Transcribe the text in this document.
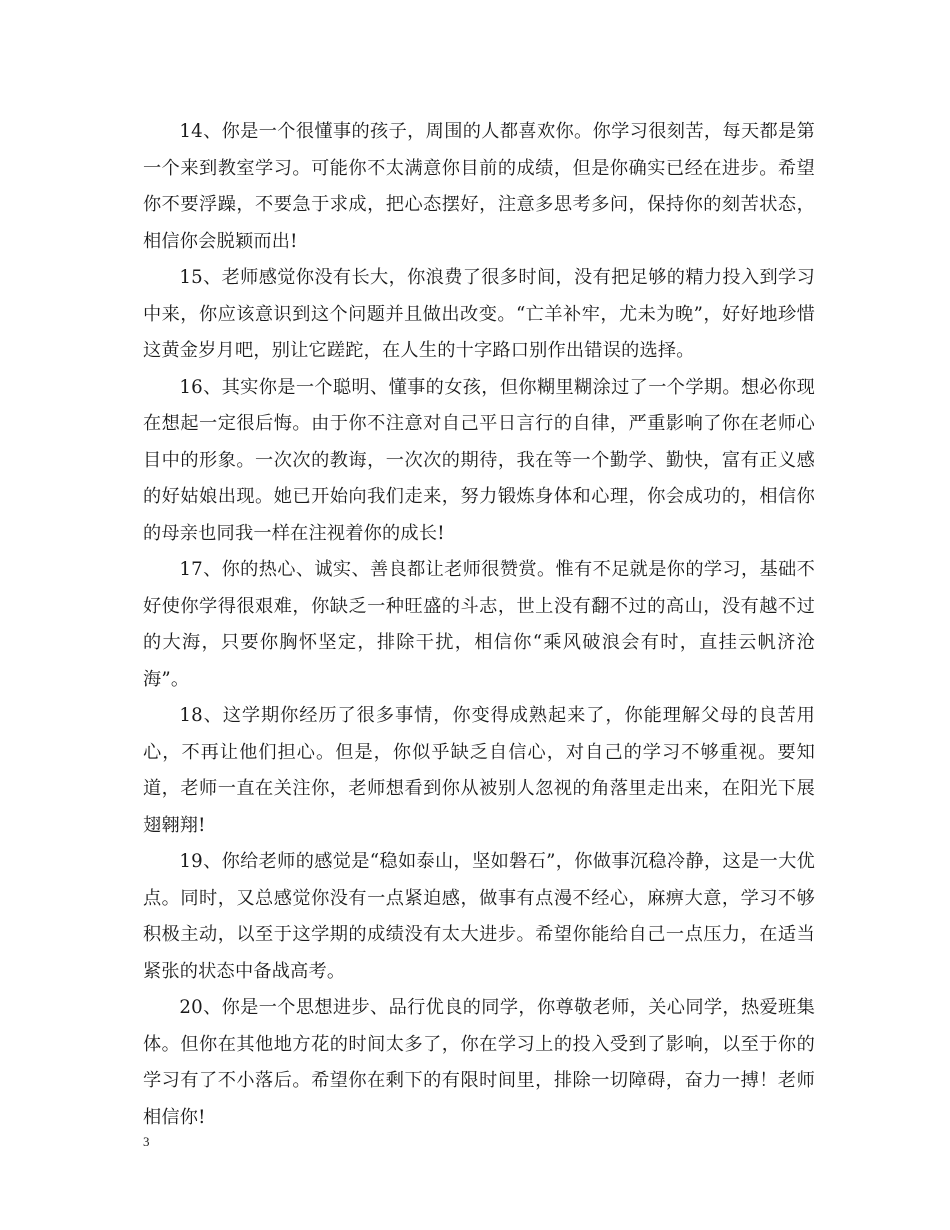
14、你是一个很懂事的孩子，周围的人都喜欢你。你学习很刻苦，每天都是第一个来到教室学习。可能你不太满意你目前的成绩，但是你确实已经在进步。希望你不要浮躁，不要急于求成，把心态摆好，注意多思考多问，保持你的刻苦状态，相信你会脱颖而出!

15、老师感觉你没有长大，你浪费了很多时间，没有把足够的精力投入到学习中来，你应该意识到这个问题并且做出改变。“亡羊补牢，尤未为晚”，好好地珍惜这黄金岁月吧，别让它蹉跎，在人生的十字路口别作出错误的选择。

16、其实你是一个聪明、懂事的女孩，但你糊里糊涂过了一个学期。想必你现在想起一定很后悔。由于你不注意对自己平日言行的自律，严重影响了你在老师心目中的形象。一次次的教诲，一次次的期待，我在等一个勤学、勤快，富有正义感的好姑娘出现。她已开始向我们走来，努力锻炼身体和心理，你会成功的，相信你的母亲也同我一样在注视着你的成长!

17、你的热心、诚实、善良都让老师很赞赏。惟有不足就是你的学习，基础不好使你学得很艰难，你缺乏一种旺盛的斗志，世上没有翻不过的高山，没有越不过的大海，只要你胸怀坚定，排除干扰，相信你“乘风破浪会有时，直挂云帆济沧海”。

18、这学期你经历了很多事情，你变得成熟起来了，你能理解父母的良苦用心，不再让他们担心。但是，你似乎缺乏自信心，对自己的学习不够重视。要知道，老师一直在关注你，老师想看到你从被别人忽视的角落里走出来，在阳光下展翅翱翔!

19、你给老师的感觉是“稳如泰山，坚如磐石”，你做事沉稳冷静，这是一大优点。同时，又总感觉你没有一点紧迫感，做事有点漫不经心，麻痹大意，学习不够积极主动，以至于这学期的成绩没有太大进步。希望你能给自己一点压力，在适当紧张的状态中备战高考。

20、你是一个思想进步、品行优良的同学，你尊敬老师，关心同学，热爱班集体。但你在其他地方花的时间太多了，你在学习上的投入受到了影响，以至于你的学习有了不小落后。希望你在剩下的有限时间里，排除一切障碍，奋力一搏！老师相信你!

3
